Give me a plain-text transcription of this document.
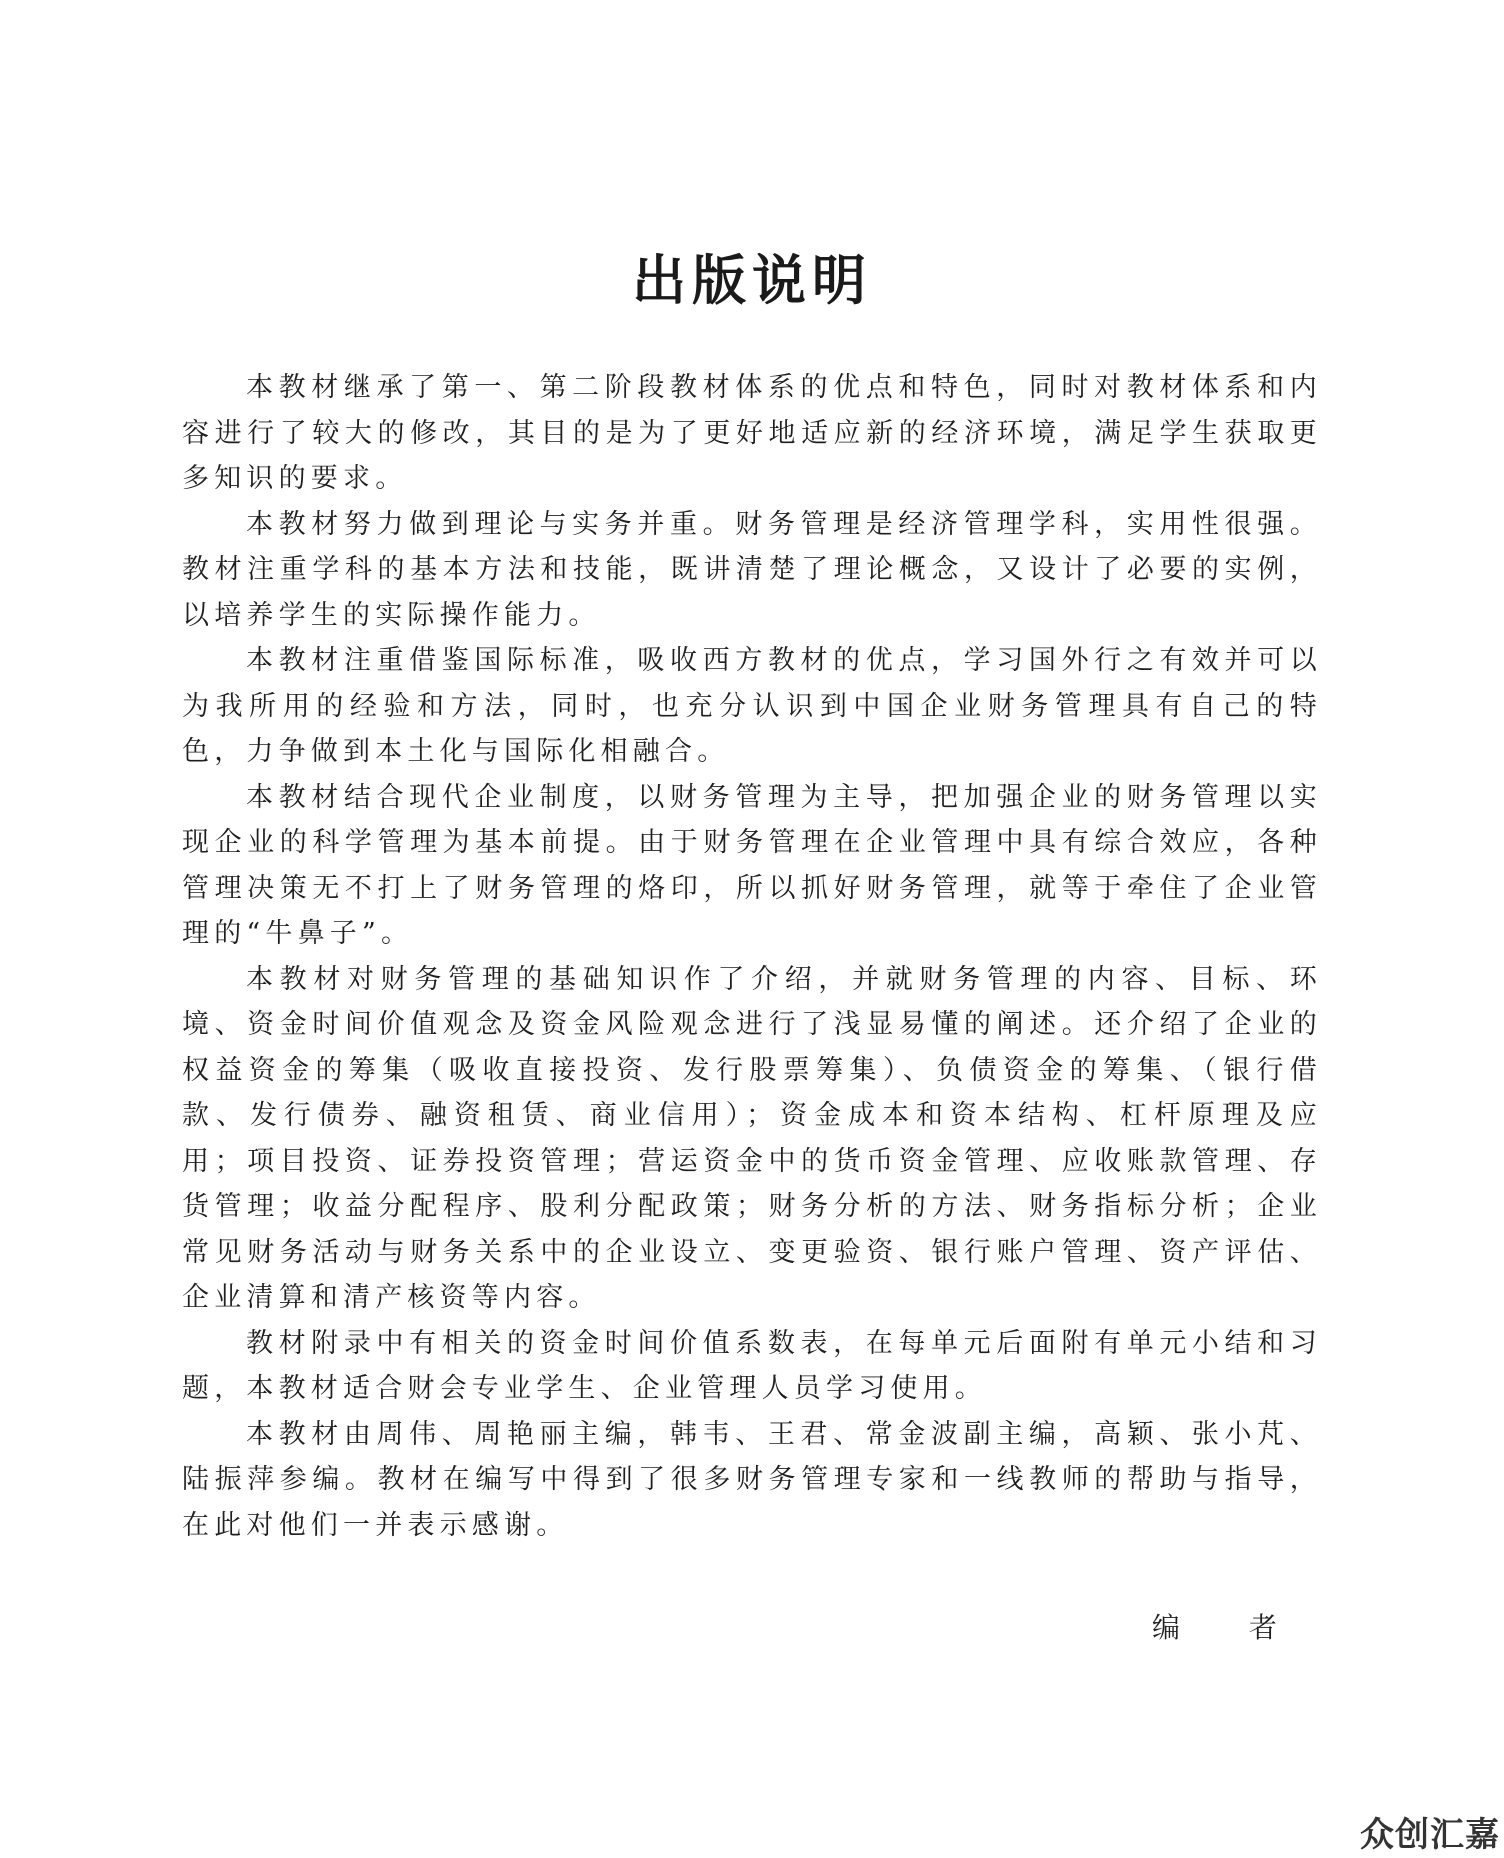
出版说明

本教材继承了第一、第二阶段教材体系的优点和特色，同时对教材体系和内容进行了较大的修改，其目的是为了更好地适应新的经济环境，满足学生获取更多知识的要求。

本教材努力做到理论与实务并重。财务管理是经济管理学科，实用性很强。教材注重学科的基本方法和技能，既讲清楚了理论概念，又设计了必要的实例，以培养学生的实际操作能力。

本教材注重借鉴国际标准，吸收西方教材的优点，学习国外行之有效并可以为我所用的经验和方法，同时，也充分认识到中国企业财务管理具有自己的特色，力争做到本土化与国际化相融合。

本教材结合现代企业制度，以财务管理为主导，把加强企业的财务管理以实现企业的科学管理为基本前提。由于财务管理在企业管理中具有综合效应，各种管理决策无不打上了财务管理的烙印，所以抓好财务管理，就等于牵住了企业管理的“牛鼻子”。

本教材对财务管理的基础知识作了介绍，并就财务管理的内容、目标、环境、资金时间价值观念及资金风险观念进行了浅显易懂的阐述。还介绍了企业的权益资金的筹集（吸收直接投资、发行股票筹集）、负债资金的筹集、（银行借款、发行债券、融资租赁、商业信用）；资金成本和资本结构、杠杆原理及应用；项目投资、证券投资管理；营运资金中的货币资金管理、应收账款管理、存货管理；收益分配程序、股利分配政策；财务分析的方法、财务指标分析；企业常见财务活动与财务关系中的企业设立、变更验资、银行账户管理、资产评估、企业清算和清产核资等内容。

教材附录中有相关的资金时间价值系数表，在每单元后面附有单元小结和习题，本教材适合财会专业学生、企业管理人员学习使用。

本教材由周伟、周艳丽主编，韩韦、王君、常金波副主编，高颖、张小芃、陆振萍参编。教材在编写中得到了很多财务管理专家和一线教师的帮助与指导，在此对他们一并表示感谢。

编 者

众创汇嘉
